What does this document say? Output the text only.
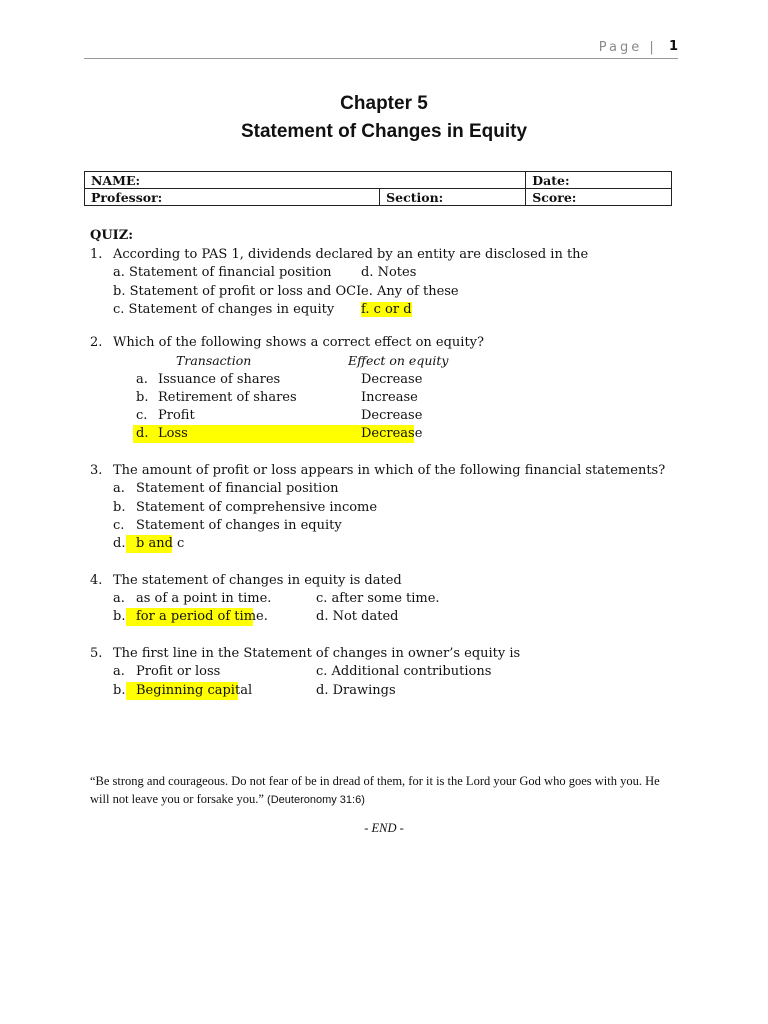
Page |	1
Chapter 5
Statement of Changes in Equity
NAME:		Date:
Professor:	Section:	Score:
QUIZ:
1. According to PAS 1, dividends declared by an entity are disclosed in the
a. Statement of financial position
b. Statement of profit or loss and OCI
c. Statement of changes in equity
d. Notes
e. Any of these
f. c or d
2. Which of the following shows a correct effect on equity?
Transaction	Effect on equity
a. Issuance of shares	Decrease
b. Retirement of shares	Increase
c. Profit	Decrease
d. Loss	Decrease
3. The amount of profit or loss appears in which of the following financial statements?
a. Statement of financial position
b. Statement of comprehensive income
c. Statement of changes in equity
d. b and c
4. The statement of changes in equity is dated
a. as of a point in time.
b. for a period of time.
c. after some time.
d. Not dated
5. The first line in the Statement of changes in owner’s equity is
a. Profit or loss
b. Beginning capital
c. Additional contributions
d. Drawings
“Be strong and courageous. Do not fear of be in dread of them, for it is the Lord your God who goes with you. He
will not leave you or forsake you.” (Deuteronomy 31:6)
- END -
